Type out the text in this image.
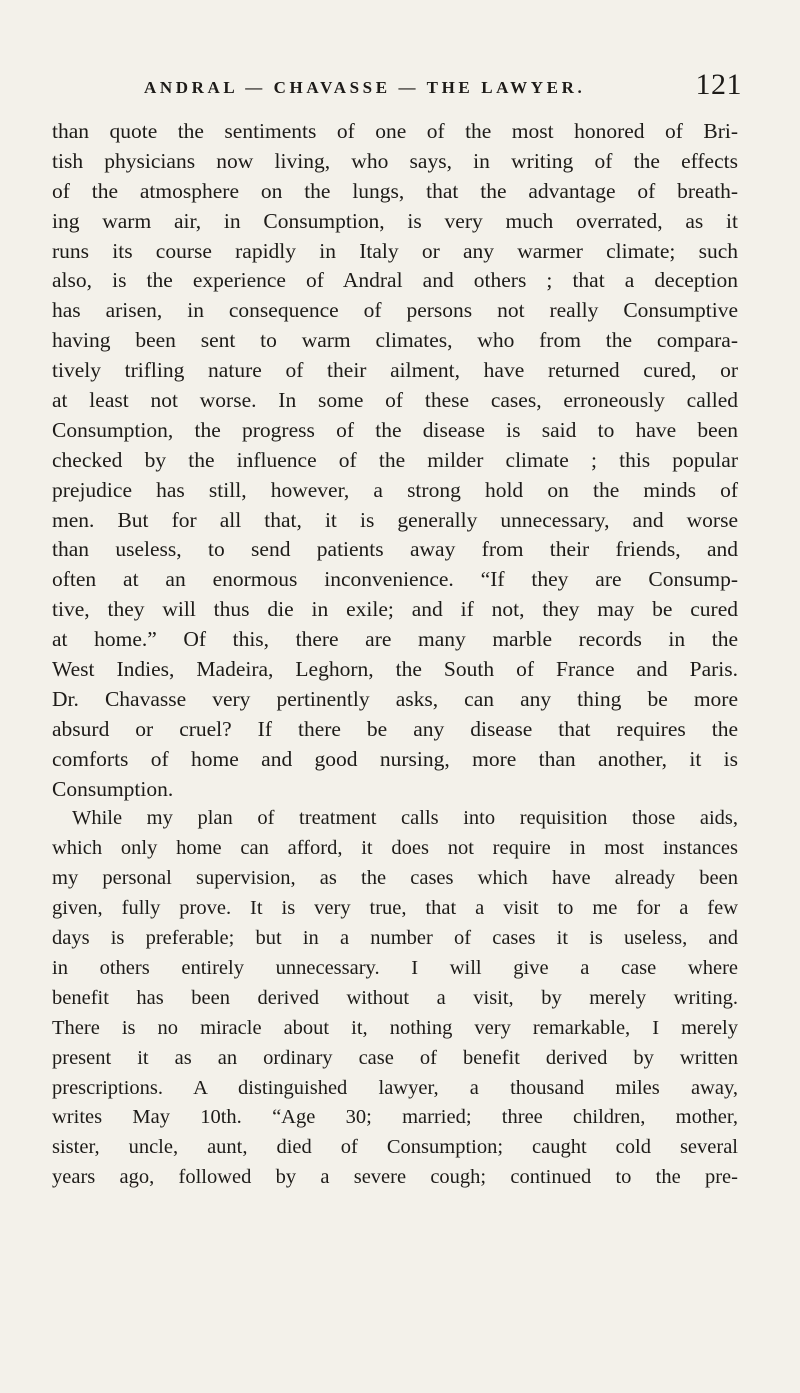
ANDRAL — CHAVASSE — THE LAWYER.	121
than quote the sentiments of one of the most honored of Bri-
tish physicians now living, who says, in writing of the effects
of the atmosphere on the lungs, that the advantage of breath-
ing warm air, in Consumption, is very much overrated, as it
runs its course rapidly in Italy or any warmer climate; such
also, is the experience of Andral and others ; that a deception
has arisen, in consequence of persons not really Consumptive
having been sent to warm climates, who from the compara-
tively trifling nature of their ailment, have returned cured, or
at least not worse. In some of these cases, erroneously called
Consumption, the progress of the disease is said to have been
checked by the influence of the milder climate ; this popular
prejudice has still, however, a strong hold on the minds of
men. But for all that, it is generally unnecessary, and worse
than useless, to send patients away from their friends, and
often at an enormous inconvenience. “If they are Consump-
tive, they will thus die in exile; and if not, they may be cured
at home.” Of this, there are many marble records in the
West Indies, Madeira, Leghorn, the South of France and Paris.
Dr. Chavasse very pertinently asks, can any thing be more
absurd or cruel? If there be any disease that requires the
comforts of home and good nursing, more than another, it is
Consumption.
While my plan of treatment calls into requisition those aids,
which only home can afford, it does not require in most instances
my personal supervision, as the cases which have already been
given, fully prove. It is very true, that a visit to me for a few
days is preferable; but in a number of cases it is useless, and
in others entirely unnecessary. I will give a case where
benefit has been derived without a visit, by merely writing.
There is no miracle about it, nothing very remarkable, I merely
present it as an ordinary case of benefit derived by written
prescriptions. A distinguished lawyer, a thousand miles away,
writes May 10th. “Age 30; married; three children, mother,
sister, uncle, aunt, died of Consumption; caught cold several
years ago, followed by a severe cough; continued to the pre-
